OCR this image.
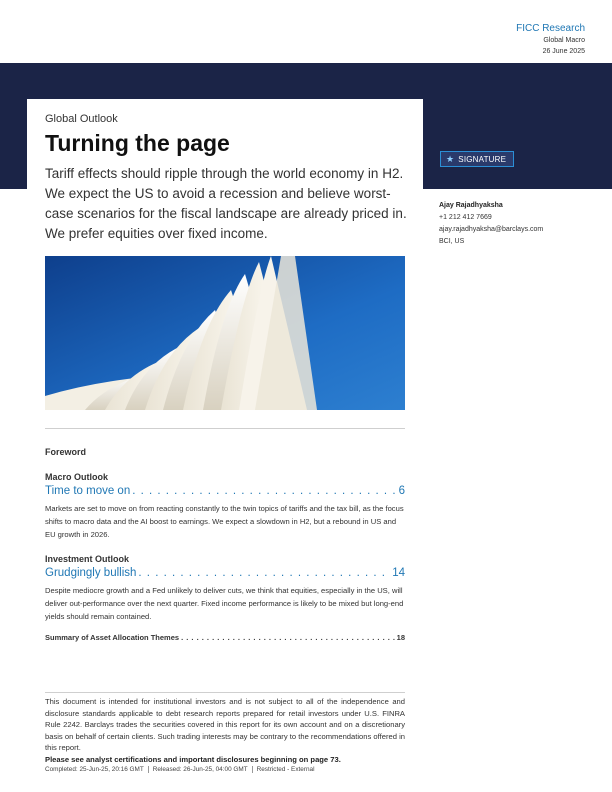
FICC Research
Global Macro
26 June 2025
Global Outlook
Turning the page
Tariff effects should ripple through the world economy in H2. We expect the US to avoid a recession and believe worst-case scenarios for the fiscal landscape are already priced in. We prefer equities over fixed income.
★ SIGNATURE
Ajay Rajadhyaksha
+1 212 412 7669
ajay.rajadhyaksha@barclays.com
BCI, US
Foreword
Macro Outlook
Time to move on . . .	6
Markets are set to move on from reacting constantly to the twin topics of tariffs and the tax bill, as the focus shifts to macro data and the AI boost to earnings. We expect a slowdown in H2, but a rebound in US and EU growth in 2026.
Investment Outlook
Grudgingly bullish . . .	14
Despite mediocre growth and a Fed unlikely to deliver cuts, we think that equities, especially in the US, will deliver out-performance over the next quarter. Fixed income performance is likely to be mixed but long-end yields should remain contained.
Summary of Asset Allocation Themes . . .	18
This document is intended for institutional investors and is not subject to all of the independence and disclosure standards applicable to debt research reports prepared for retail investors under U.S. FINRA Rule 2242. Barclays trades the securities covered in this report for its own account and on a discretionary basis on behalf of certain clients. Such trading interests may be contrary to the recommendations offered in this report.
Please see analyst certifications and important disclosures beginning on page 73.
Completed: 25-Jun-25, 20:16 GMT	Released: 26-Jun-25, 04:00 GMT	Restricted - External
